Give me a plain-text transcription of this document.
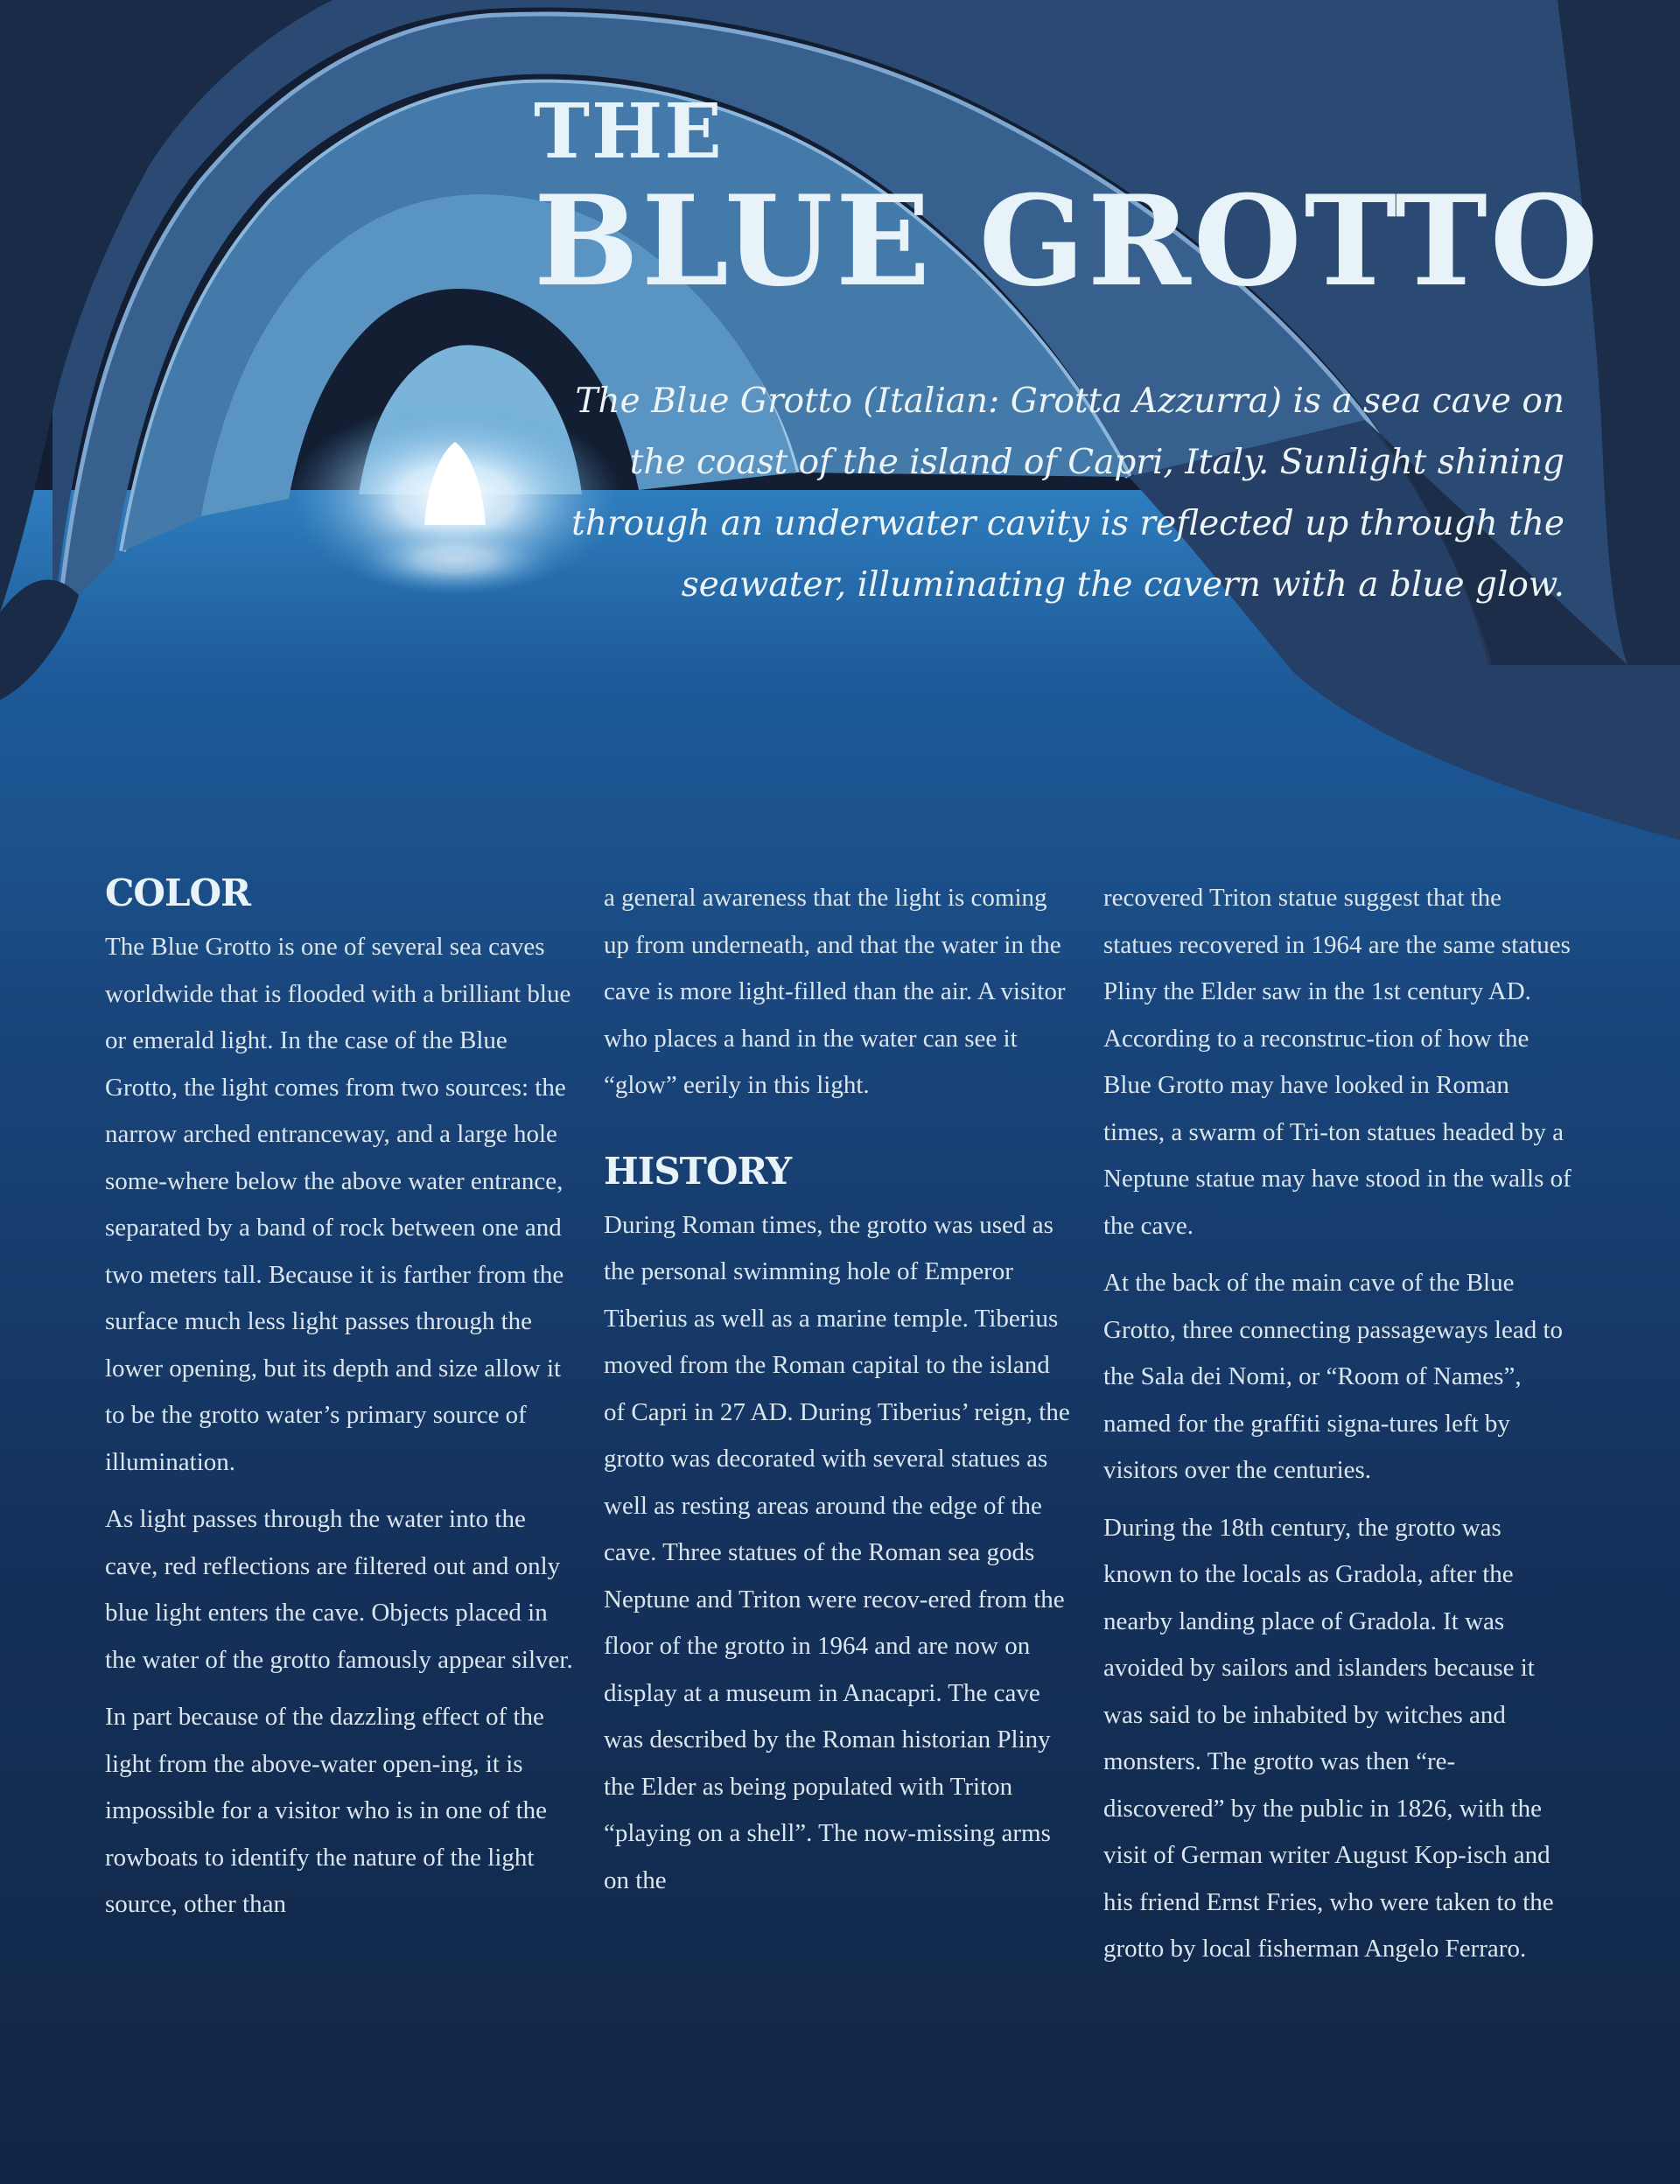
THE
BLUE GROTTO
The Blue Grotto (Italian: Grotta Azzurra) is a sea cave on the coast of the island of Capri, Italy. Sunlight shining through an underwater cavity is reflected up through the seawater, illuminating the cavern with a blue glow.
COLOR

The Blue Grotto is one of several sea caves worldwide that is flooded with a brilliant blue or emerald light. In the case of the Blue Grotto, the light comes from two sources: the narrow arched entranceway, and a large hole some-where below the above water entrance, separated by a band of rock between one and two meters tall. Because it is farther from the surface much less light passes through the lower opening, but its depth and size allow it to be the grotto water’s primary source of illumination.

As light passes through the water into the cave, red reflections are filtered out and only blue light enters the cave. Objects placed in the water of the grotto famously appear silver.

In part because of the dazzling effect of the light from the above-water open-ing, it is impossible for a visitor who is in one of the rowboats to identify the nature of the light source, other than

a general awareness that the light is coming up from underneath, and that the water in the cave is more light-filled than the air. A visitor who places a hand in the water can see it “glow” eerily in this light.

HISTORY

During Roman times, the grotto was used as the personal swimming hole of Emperor Tiberius as well as a marine temple. Tiberius moved from the Roman capital to the island of Capri in 27 AD. During Tiberius’ reign, the grotto was decorated with several statues as well as resting areas around the edge of the cave. Three statues of the Roman sea gods Neptune and Triton were recov-ered from the floor of the grotto in 1964 and are now on display at a museum in Anacapri. The cave was described by the Roman historian Pliny the Elder as being populated with Triton “playing on a shell”. The now-missing arms on the

recovered Triton statue suggest that the statues recovered in 1964 are the same statues Pliny the Elder saw in the 1st century AD. According to a reconstruc-tion of how the Blue Grotto may have looked in Roman times, a swarm of Tri-ton statues headed by a Neptune statue may have stood in the walls of the cave.

At the back of the main cave of the Blue Grotto, three connecting passageways lead to the Sala dei Nomi, or “Room of Names”, named for the graffiti signa-tures left by visitors over the centuries.

During the 18th century, the grotto was known to the locals as Gradola, after the nearby landing place of Gradola. It was avoided by sailors and islanders because it was said to be inhabited by witches and monsters. The grotto was then “re-discovered” by the public in 1826, with the visit of German writer August Kop-isch and his friend Ernst Fries, who were taken to the grotto by local fisherman Angelo Ferraro.
